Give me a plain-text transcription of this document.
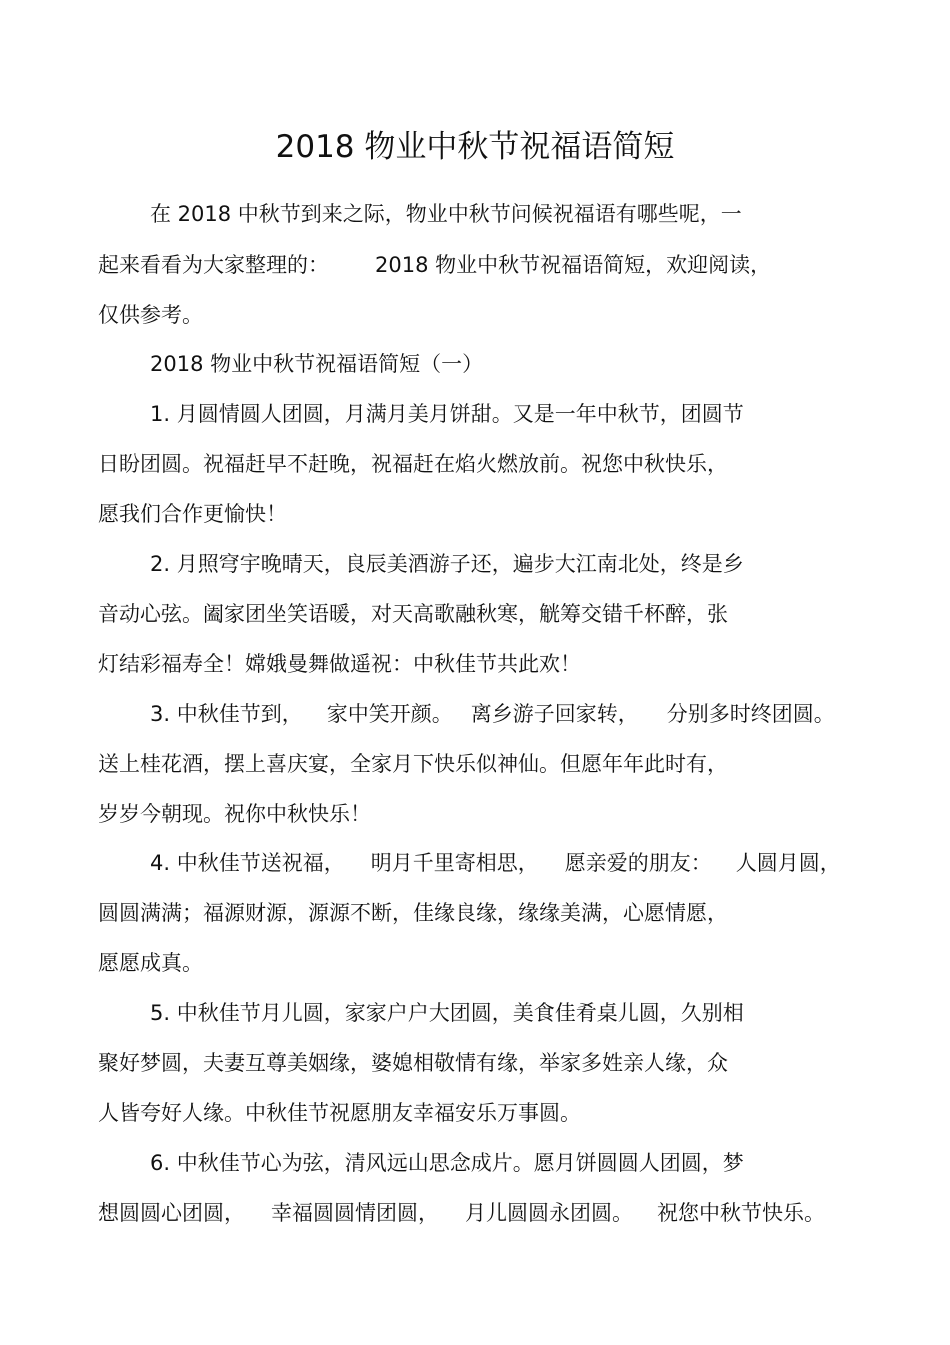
2018 物业中秋节祝福语简短
在 2018 中秋节到来之际，物业中秋节问候祝福语有哪些呢，一
起来看看为大家整理的： 2018 物业中秋节祝福语简短，欢迎阅读，
仅供参考。
2018 物业中秋节祝福语简短（一）
1. 月圆情圆人团圆，月满月美月饼甜。又是一年中秋节，团圆节
日盼团圆。祝福赶早不赶晚，祝福赶在焰火燃放前。祝您中秋快乐，
愿我们合作更愉快！
2. 月照穹宇晚晴天，良辰美酒游子还，遍步大江南北处，终是乡
音动心弦。阖家团坐笑语暖，对天高歌融秋寒，觥筹交错千杯醉，张
灯结彩福寿全！嫦娥曼舞做遥祝：中秋佳节共此欢！
3. 中秋佳节到， 家中笑开颜。 离乡游子回家转， 分别多时终团圆。
送上桂花酒，摆上喜庆宴，全家月下快乐似神仙。但愿年年此时有，
岁岁今朝现。祝你中秋快乐！
4. 中秋佳节送祝福， 明月千里寄相思， 愿亲爱的朋友： 人圆月圆，
圆圆满满；福源财源，源源不断，佳缘良缘，缘缘美满，心愿情愿，
愿愿成真。
5. 中秋佳节月儿圆，家家户户大团圆，美食佳肴桌儿圆，久别相
聚好梦圆，夫妻互尊美姻缘，婆媳相敬情有缘，举家多姓亲人缘，众
人皆夸好人缘。中秋佳节祝愿朋友幸福安乐万事圆。
6. 中秋佳节心为弦，清风远山思念成片。愿月饼圆圆人团圆，梦
想圆圆心团圆， 幸福圆圆情团圆， 月儿圆圆永团圆。 祝您中秋节快乐。
